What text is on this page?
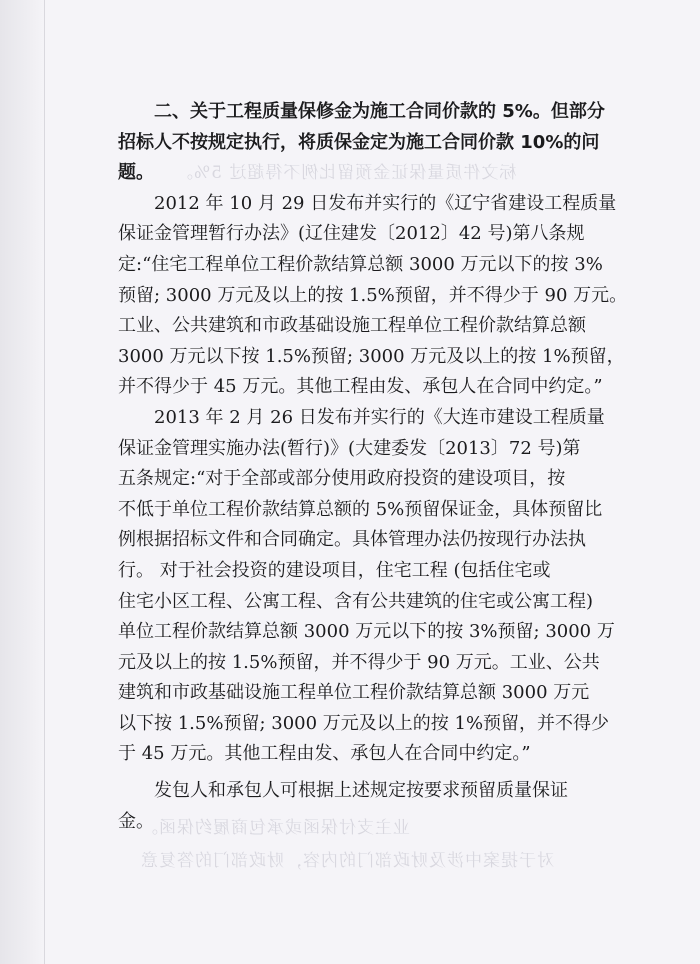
标文件质量保证金预留比例不得超过 5%。
业主支付保函或承包商履约保函。
对于提案中涉及财政部门的内容，财政部门的答复意

二、关于工程质量保修金为施工合同价款的 5%。但部分
招标人不按规定执行，将质保金定为施工合同价款 10%的问
题。

2012 年 10 月 29 日发布并实行的《辽宁省建设工程质量
保证金管理暂行办法》(辽住建发〔2012〕42 号)第八条规
定:“住宅工程单位工程价款结算总额 3000 万元以下的按 3%
预留; 3000 万元及以上的按 1.5%预留，并不得少于 90 万元。
工业、公共建筑和市政基础设施工程单位工程价款结算总额
3000 万元以下按 1.5%预留; 3000 万元及以上的按 1%预留，
并不得少于 45 万元。其他工程由发、承包人在合同中约定。”

2013 年 2 月 26 日发布并实行的《大连市建设工程质量
保证金管理实施办法(暂行)》(大建委发〔2013〕72 号)第
五条规定:“对于全部或部分使用政府投资的建设项目，按
不低于单位工程价款结算总额的 5%预留保证金，具体预留比
例根据招标文件和合同确定。具体管理办法仍按现行办法执
行。 对于社会投资的建设项目，住宅工程 (包括住宅或
住宅小区工程、公寓工程、含有公共建筑的住宅或公寓工程)
单位工程价款结算总额 3000 万元以下的按 3%预留; 3000 万
元及以上的按 1.5%预留，并不得少于 90 万元。工业、公共
建筑和市政基础设施工程单位工程价款结算总额 3000 万元
以下按 1.5%预留; 3000 万元及以上的按 1%预留，并不得少
于 45 万元。其他工程由发、承包人在合同中约定。”

发包人和承包人可根据上述规定按要求预留质量保证
金。
